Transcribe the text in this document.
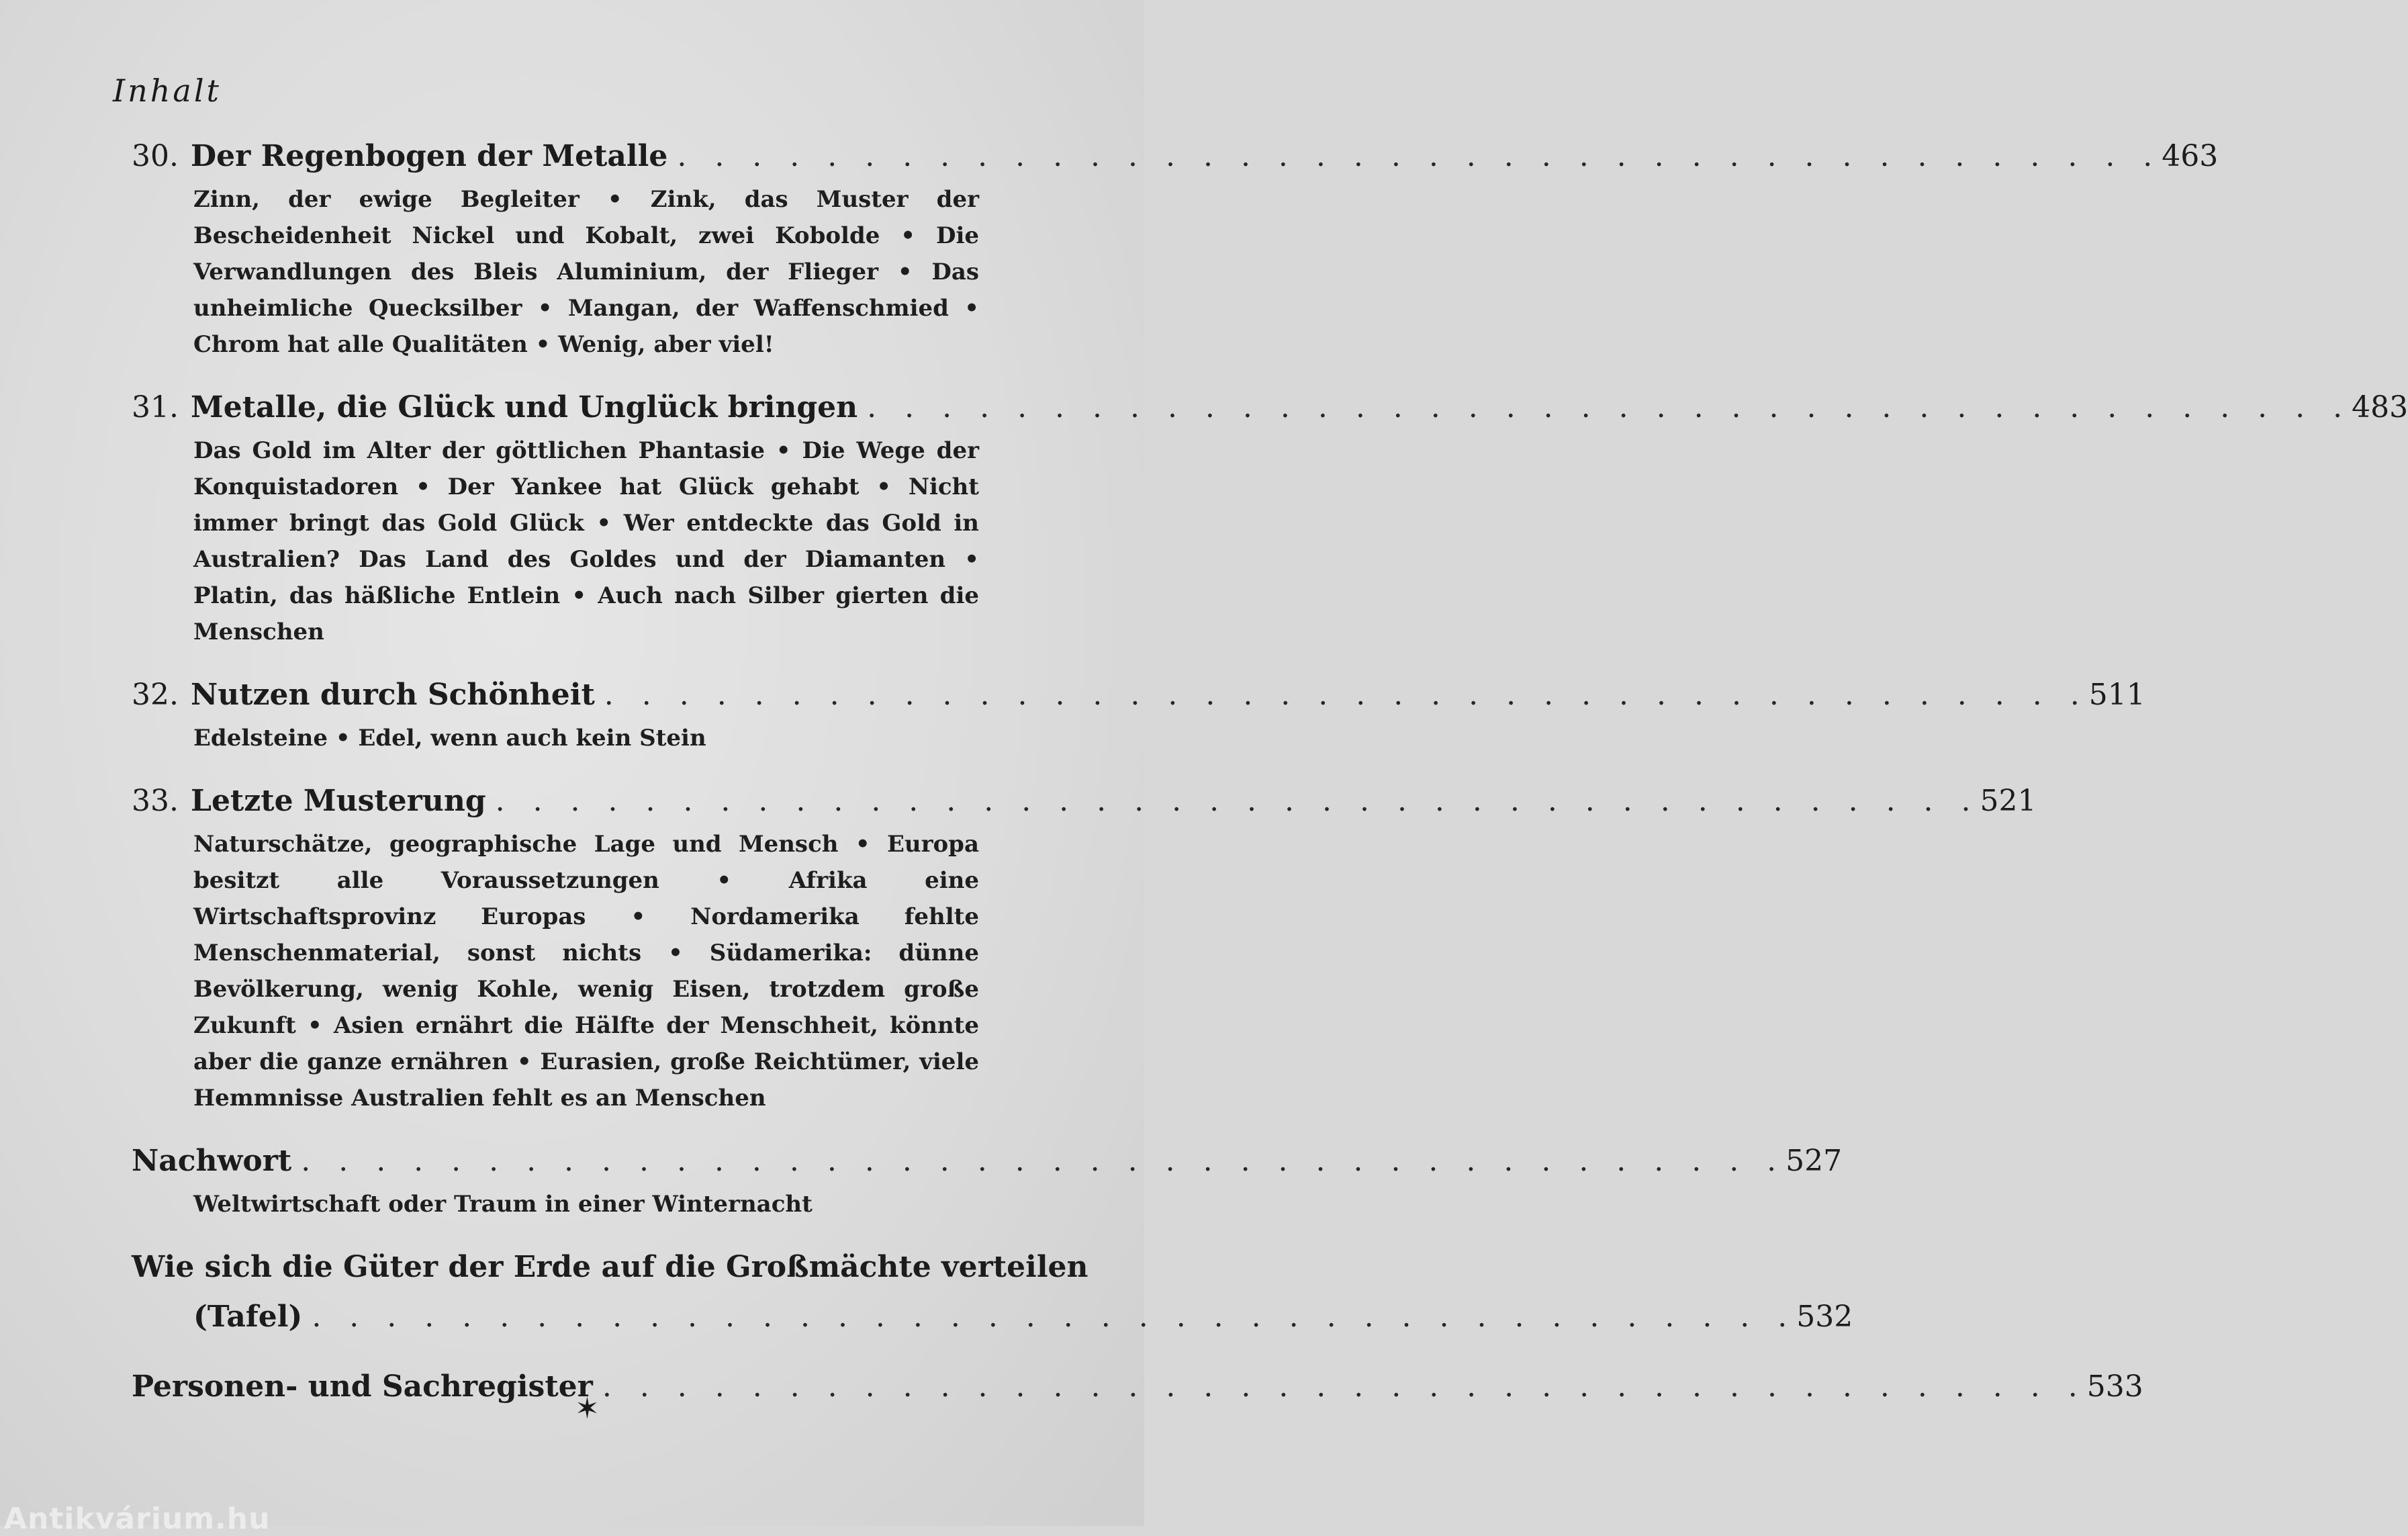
Inhalt
30. Der Regenbogen der Metalle . . . . . . . . . . . . . . . . . . . . . . . . . . . . . . . . . . . . . . . . 463
Zinn, der ewige Begleiter • Zink, das Muster der Bescheidenheit Nickel und Kobalt, zwei Kobolde • Die Verwandlungen des Bleis Aluminium, der Flieger • Das unheimliche Quecksilber • Mangan, der Waffenschmied • Chrom hat alle Qualitäten • Wenig, aber viel!
31. Metalle, die Glück und Unglück bringen . . . . . . . . . . . . . . . . . . . . . . . . . . . . . . . . . . . . . . . . 483
Das Gold im Alter der göttlichen Phantasie • Die Wege der Konquistadoren • Der Yankee hat Glück gehabt • Nicht immer bringt das Gold Glück • Wer entdeckte das Gold in Australien? Das Land des Goldes und der Diamanten • Platin, das häßliche Entlein • Auch nach Silber gierten die Menschen
32. Nutzen durch Schönheit . . . . . . . . . . . . . . . . . . . . . . . . . . . . . . . . . . . . . . . . 511
Edelsteine • Edel, wenn auch kein Stein
33. Letzte Musterung . . . . . . . . . . . . . . . . . . . . . . . . . . . . . . . . . . . . . . . . 521
Naturschätze, geographische Lage und Mensch • Europa besitzt alle Voraussetzungen • Afrika eine Wirtschaftsprovinz Europas • Nordamerika fehlte Menschenmaterial, sonst nichts • Südamerika: dünne Bevölkerung, wenig Kohle, wenig Eisen, trotzdem große Zukunft • Asien ernährt die Hälfte der Menschheit, könnte aber die ganze ernähren • Eurasien, große Reichtümer, viele Hemmnisse Australien fehlt es an Menschen
Nachwort . . . . . . . . . . . . . . . . . . . . . . . . . . . . . . . . . . . . . . . . 527
Weltwirtschaft oder Traum in einer Winternacht
Wie sich die Güter der Erde auf die Großmächte verteilen
(Tafel) . . . . . . . . . . . . . . . . . . . . . . . . . . . . . . . . . . . . . . . . 532
Personen- und Sachregister . . . . . . . . . . . . . . . . . . . . . . . . . . . . . . . . . . . . . . . . 533
✶
Antikvárium.hu
